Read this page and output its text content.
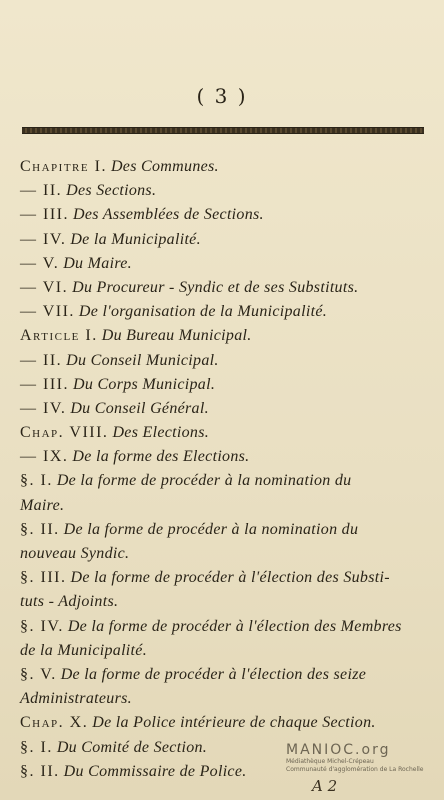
( 3 )
Chapitre I. Des Communes.
— II. Des Sections.
— III. Des Assemblées de Sections.
— IV. De la Municipalité.
— V. Du Maire.
— VI. Du Procureur - Syndic et de ses Substituts.
— VII. De l'organisation de la Municipalité.
Article I. Du Bureau Municipal.
— II. Du Conseil Municipal.
— III. Du Corps Municipal.
— IV. Du Conseil Général.
Chap. VIII. Des Elections.
— IX. De la forme des Elections.
§. I. De la forme de procéder à la nomination du
Maire.
§. II. De la forme de procéder à la nomination du
nouveau Syndic.
§. III. De la forme de procéder à l'élection des Substi-
tuts - Adjoints.
§. IV. De la forme de procéder à l'élection des Membres
de la Municipalité.
§. V. De la forme de procéder à l'élection des seize
Administrateurs.
Chap. X. De la Police intérieure de chaque Section.
§. I. Du Comité de Section.
§. II. Du Commissaire de Police.
MANIOC.org
Médiathèque Michel-Crépeau
Communauté d'agglomération de La Rochelle
A 2
